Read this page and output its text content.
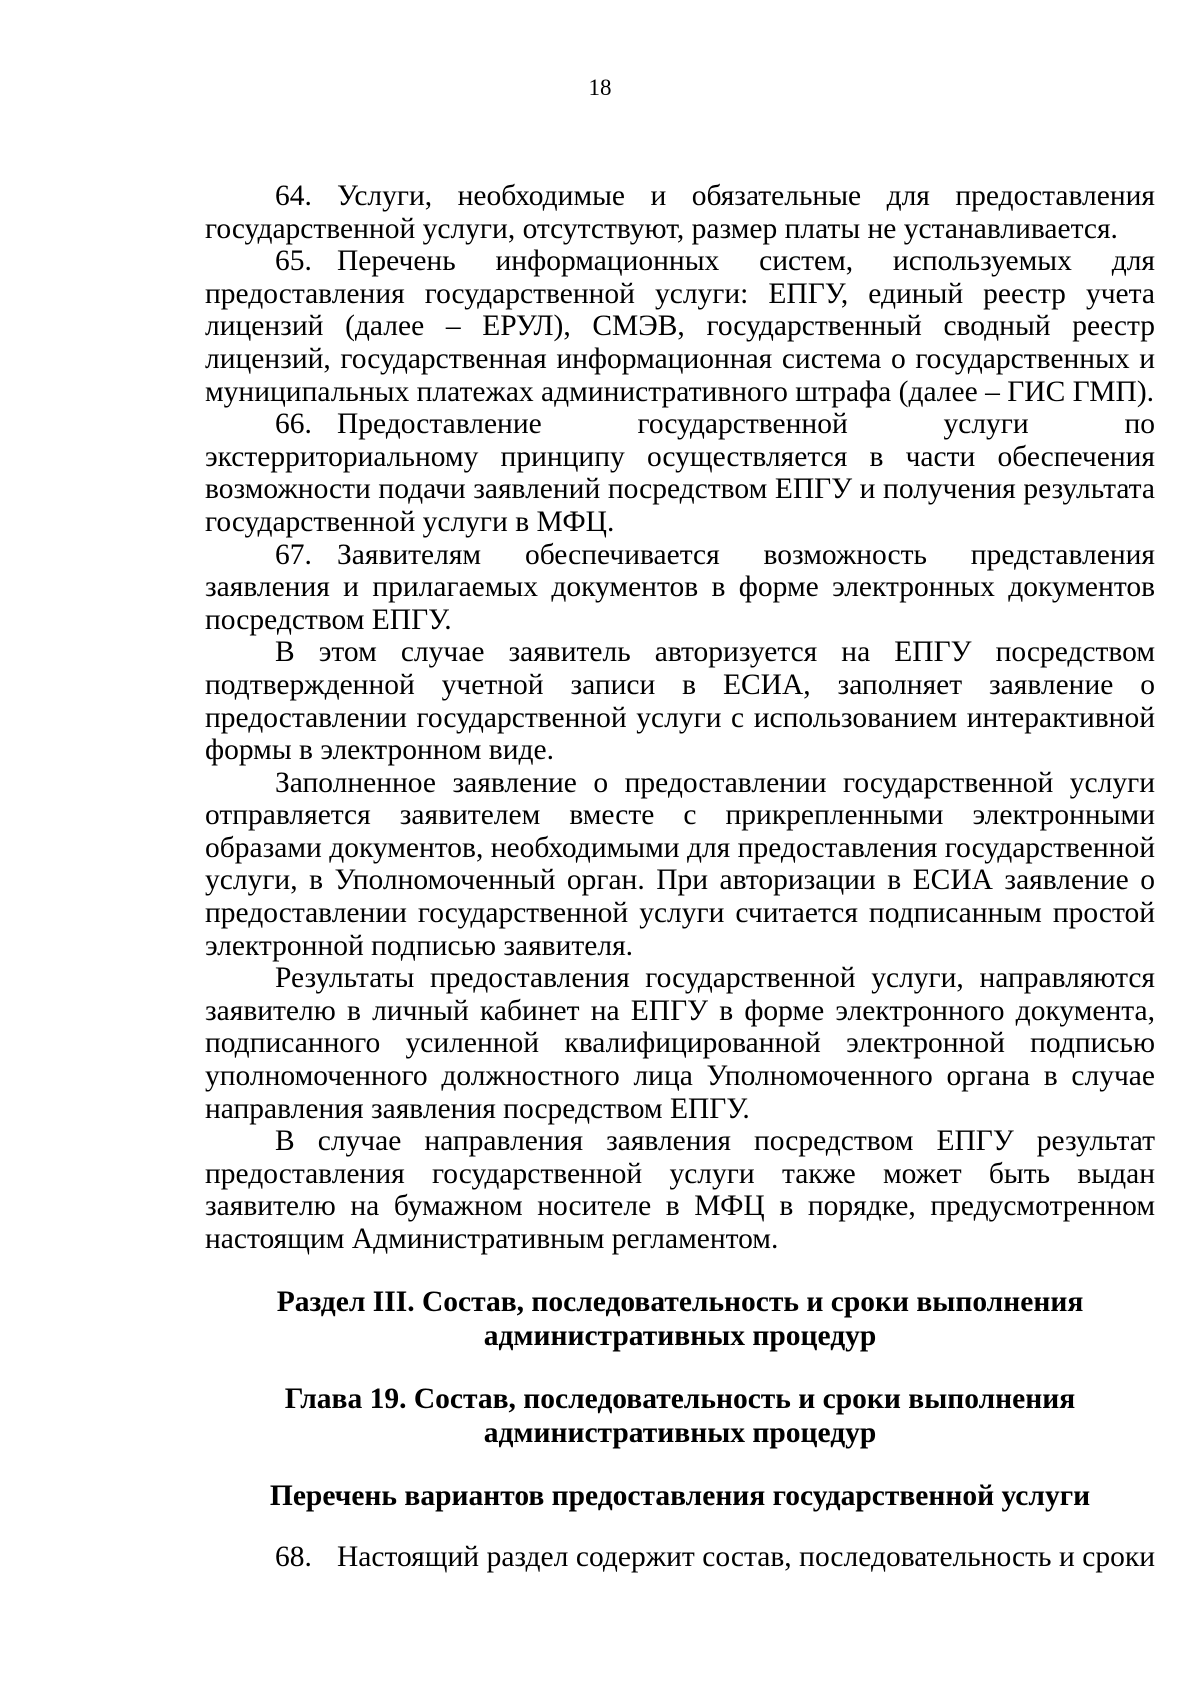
18

64. Услуги, необходимые и обязательные для предоставления государственной услуги, отсутствуют, размер платы не устанавливается.

65. Перечень информационных систем, используемых для предоставления государственной услуги: ЕПГУ, единый реестр учета лицензий (далее – ЕРУЛ), СМЭВ, государственный сводный реестр лицензий, государственная информационная система о государственных и муниципальных платежах административного штрафа (далее – ГИС ГМП).

66. Предоставление государственной услуги по экстерриториальному принципу осуществляется в части обеспечения возможности подачи заявлений посредством ЕПГУ и получения результата государственной услуги в МФЦ.

67. Заявителям обеспечивается возможность представления заявления и прилагаемых документов в форме электронных документов посредством ЕПГУ.

В этом случае заявитель авторизуется на ЕПГУ посредством подтвержденной учетной записи в ЕСИА, заполняет заявление о предоставлении государственной услуги с использованием интерактивной формы в электронном виде.

Заполненное заявление о предоставлении государственной услуги отправляется заявителем вместе с прикрепленными электронными образами документов, необходимыми для предоставления государственной услуги, в Уполномоченный орган. При авторизации в ЕСИА заявление о предоставлении государственной услуги считается подписанным простой электронной подписью заявителя.

Результаты предоставления государственной услуги, направляются заявителю в личный кабинет на ЕПГУ в форме электронного документа, подписанного усиленной квалифицированной электронной подписью уполномоченного должностного лица Уполномоченного органа в случае направления заявления посредством ЕПГУ.

В случае направления заявления посредством ЕПГУ результат предоставления государственной услуги также может быть выдан заявителю на бумажном носителе в МФЦ в порядке, предусмотренном настоящим Административным регламентом.

Раздел III. Состав, последовательность и сроки выполнения
административных процедур
Глава 19. Состав, последовательность и сроки выполнения
административных процедур
Перечень вариантов предоставления государственной услуги

68. Настоящий раздел содержит состав, последовательность и сроки
